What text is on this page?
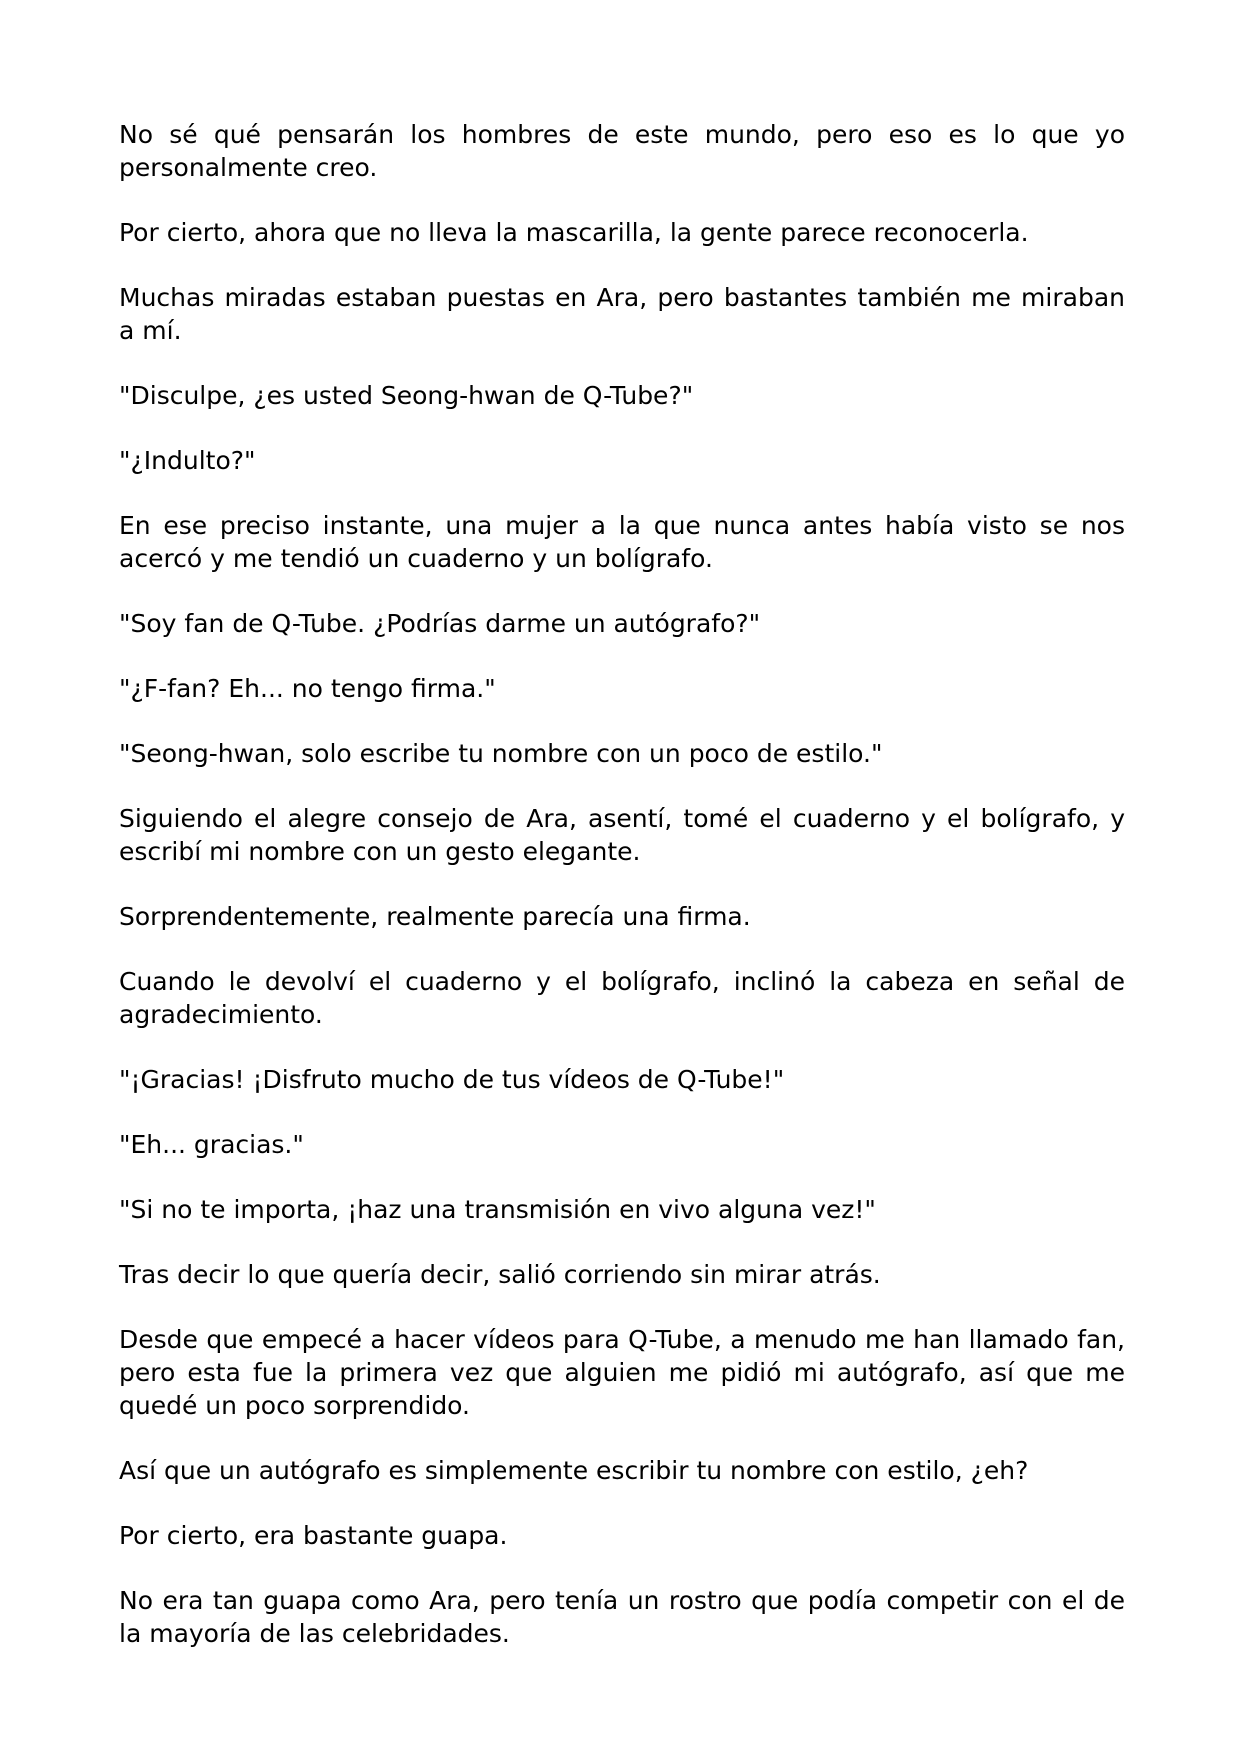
No sé qué pensarán los hombres de este mundo, pero eso es lo que yo personalmente creo.

Por cierto, ahora que no lleva la mascarilla, la gente parece reconocerla.

Muchas miradas estaban puestas en Ara, pero bastantes también me miraban a mí.

"Disculpe, ¿es usted Seong-hwan de Q-Tube?"

"¿Indulto?"

En ese preciso instante, una mujer a la que nunca antes había visto se nos acercó y me tendió un cuaderno y un bolígrafo.

"Soy fan de Q-Tube. ¿Podrías darme un autógrafo?"

"¿F-fan? Eh... no tengo firma."

"Seong-hwan, solo escribe tu nombre con un poco de estilo."

Siguiendo el alegre consejo de Ara, asentí, tomé el cuaderno y el bolígrafo, y escribí mi nombre con un gesto elegante.

Sorprendentemente, realmente parecía una firma.

Cuando le devolví el cuaderno y el bolígrafo, inclinó la cabeza en señal de agradecimiento.

"¡Gracias! ¡Disfruto mucho de tus vídeos de Q-Tube!"

"Eh... gracias."

"Si no te importa, ¡haz una transmisión en vivo alguna vez!"

Tras decir lo que quería decir, salió corriendo sin mirar atrás.

Desde que empecé a hacer vídeos para Q-Tube, a menudo me han llamado fan, pero esta fue la primera vez que alguien me pidió mi autógrafo, así que me quedé un poco sorprendido.

Así que un autógrafo es simplemente escribir tu nombre con estilo, ¿eh?

Por cierto, era bastante guapa.

No era tan guapa como Ara, pero tenía un rostro que podía competir con el de la mayoría de las celebridades.
